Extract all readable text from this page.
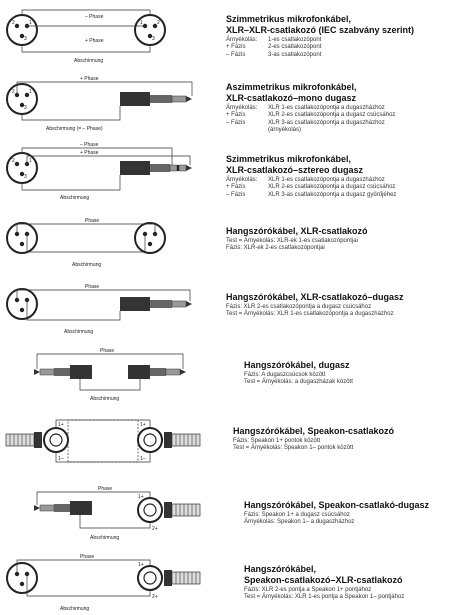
2	1
3
1	2
3
– Phase
+ Phase
Abschirmung
Szimmetrikus mikrofonkábel,
XLR–XLR-csatlakozó (IEC szabvány szerint)
Árnyékolás:	1-es csatlakozópont
+ Fázis	2-es csatlakozópont
– Fázis	3-as csatlakozópont
2	1
3
+ Phase
Abschirmung (= – Phase)
Aszimmetrikus mikrofonkábel,
XLR-csatlakozó–mono dugasz
Árnyékolás:	XLR 1-es csatlakozópontja a dugaszházhoz
+ Fázis	XLR 2-es csatlakozópontja a dugasz csúcsához
– Fázis	XLR 3-as csatlakozópontja a dugaszházhoz
(árnyékolás)
2	1
3
– Phase
+ Phase
Abschirmung
Szimmetrikus mikrofonkábel,
XLR-csatlakozó–sztereo dugasz
Árnyékolás:	XLR 1-es csatlakozópontja a dugaszházhoz
+ Fázis	XLR 2-es csatlakozópontja a dugasz csúcsához
– Fázis	XLR 3-as csatlakozópontja a dugasz gyűrűjéhez
Phase
Abschirmung
Hangszórókábel, XLR-csatlakozó
Test = Árnyékolás: XLR-ek 1-es csatlakozópontjai
Fázis: XLR-ek 2-es csatlakozópontjai
Phase
Abschirmung
Hangszórókábel, XLR-csatlakozó–dugasz
Fázis: XLR 2-es csatlakozópontja a dugasz csúcsához
Test = Árnyékolás: XLR 1-es csatlakozópontja a dugaszházhoz
Phase
Abschirmung
Hangszórókábel, dugasz
Fázis: A dugaszcsúcsok között
Test = Árnyékolás: a dugaszházak között
1+
1–
1+
1–
Hangszórókábel, Speakon-csatlakozó
Fázis: Speakon 1+ pontok között
Test = Árnyékolás: Speakon 1– pontok között
Phase
1+
2+
Abschirmung
Hangszórókábel, Speakon-csatlakó-dugasz
Fázis: Speakon 1+ a dugasz csúcsához
Árnyékolás: Speakon 1– a dugaszházhoz
Phase
1+
2+
Abschirmung
Hangszórókábel,
Speakon-csatlakozó–XLR-csatlakozó
Fázis: XLR 2-es pontja a Speakon 1+ pontjához
Test = Árnyékolás: XLR 1-es pontja a Speakon 1– pontjához
